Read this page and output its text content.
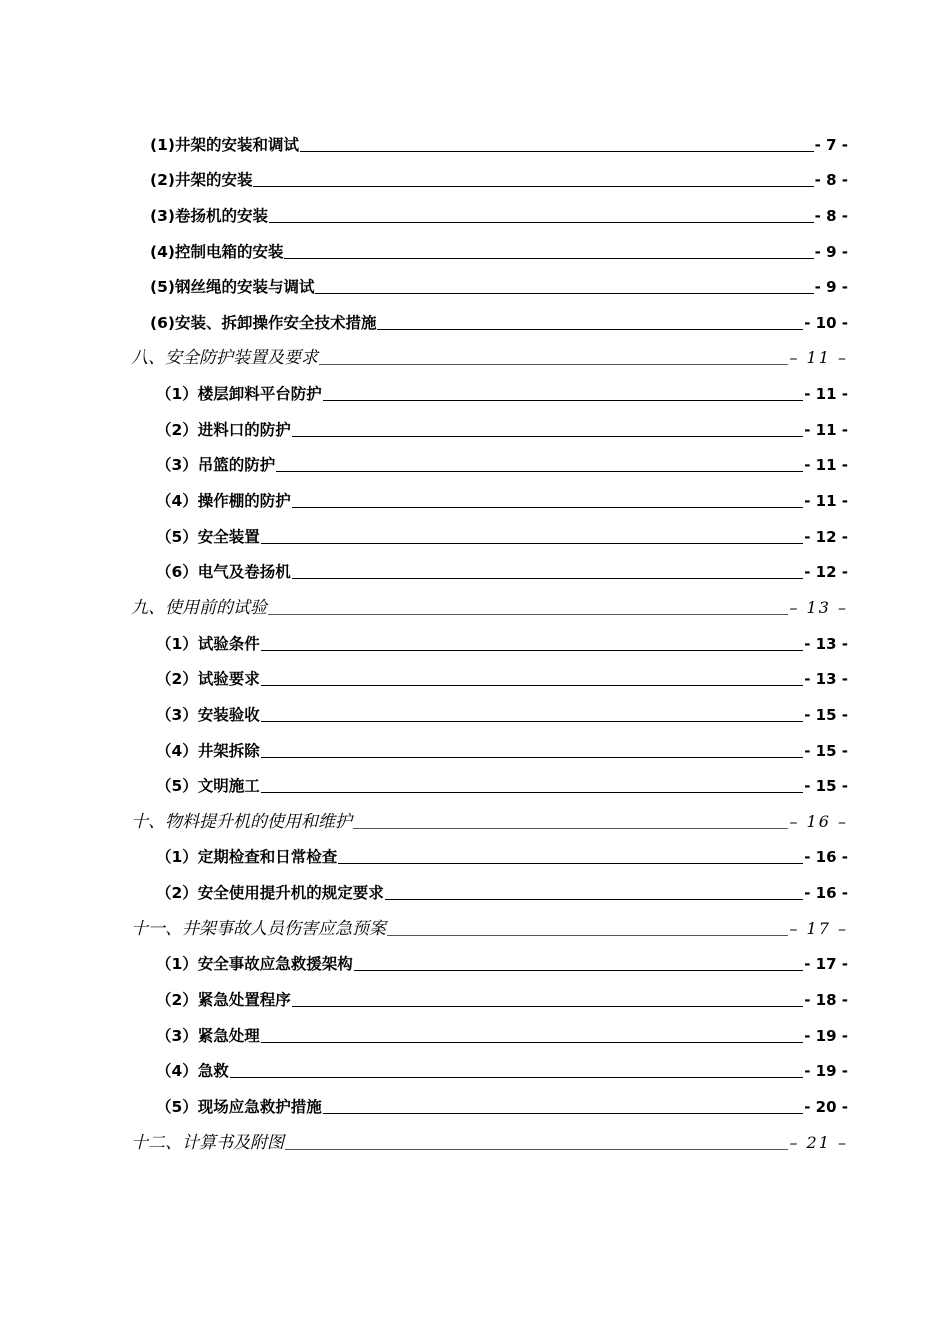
(1)井架的安装和调试	- 7 -
(2)井架的安装	- 8 -
(3)卷扬机的安装	- 8 -
(4)控制电箱的安装	- 9 -
(5)钢丝绳的安装与调试	- 9 -
(6)安装、拆卸操作安全技术措施	- 10 -
八、安全防护装置及要求	– 11 –
（1）楼层卸料平台防护	- 11 -
（2）进料口的防护	- 11 -
（3）吊篮的防护	- 11 -
（4）操作棚的防护	- 11 -
（5）安全装置	- 12 -
（6）电气及卷扬机	- 12 -
九、使用前的试验	– 13 –
（1）试验条件	- 13 -
（2）试验要求	- 13 -
（3）安装验收	- 15 -
（4）井架拆除	- 15 -
（5）文明施工	- 15 -
十、物料提升机的使用和维护	– 16 –
（1）定期检查和日常检查	- 16 -
（2）安全使用提升机的规定要求	- 16 -
十一、井架事故人员伤害应急预案	– 17 –
（1）安全事故应急救援架构	- 17 -
（2）紧急处置程序	- 18 -
（3）紧急处理	- 19 -
（4）急救	- 19 -
（5）现场应急救护措施	- 20 -
十二、计算书及附图	– 21 –
